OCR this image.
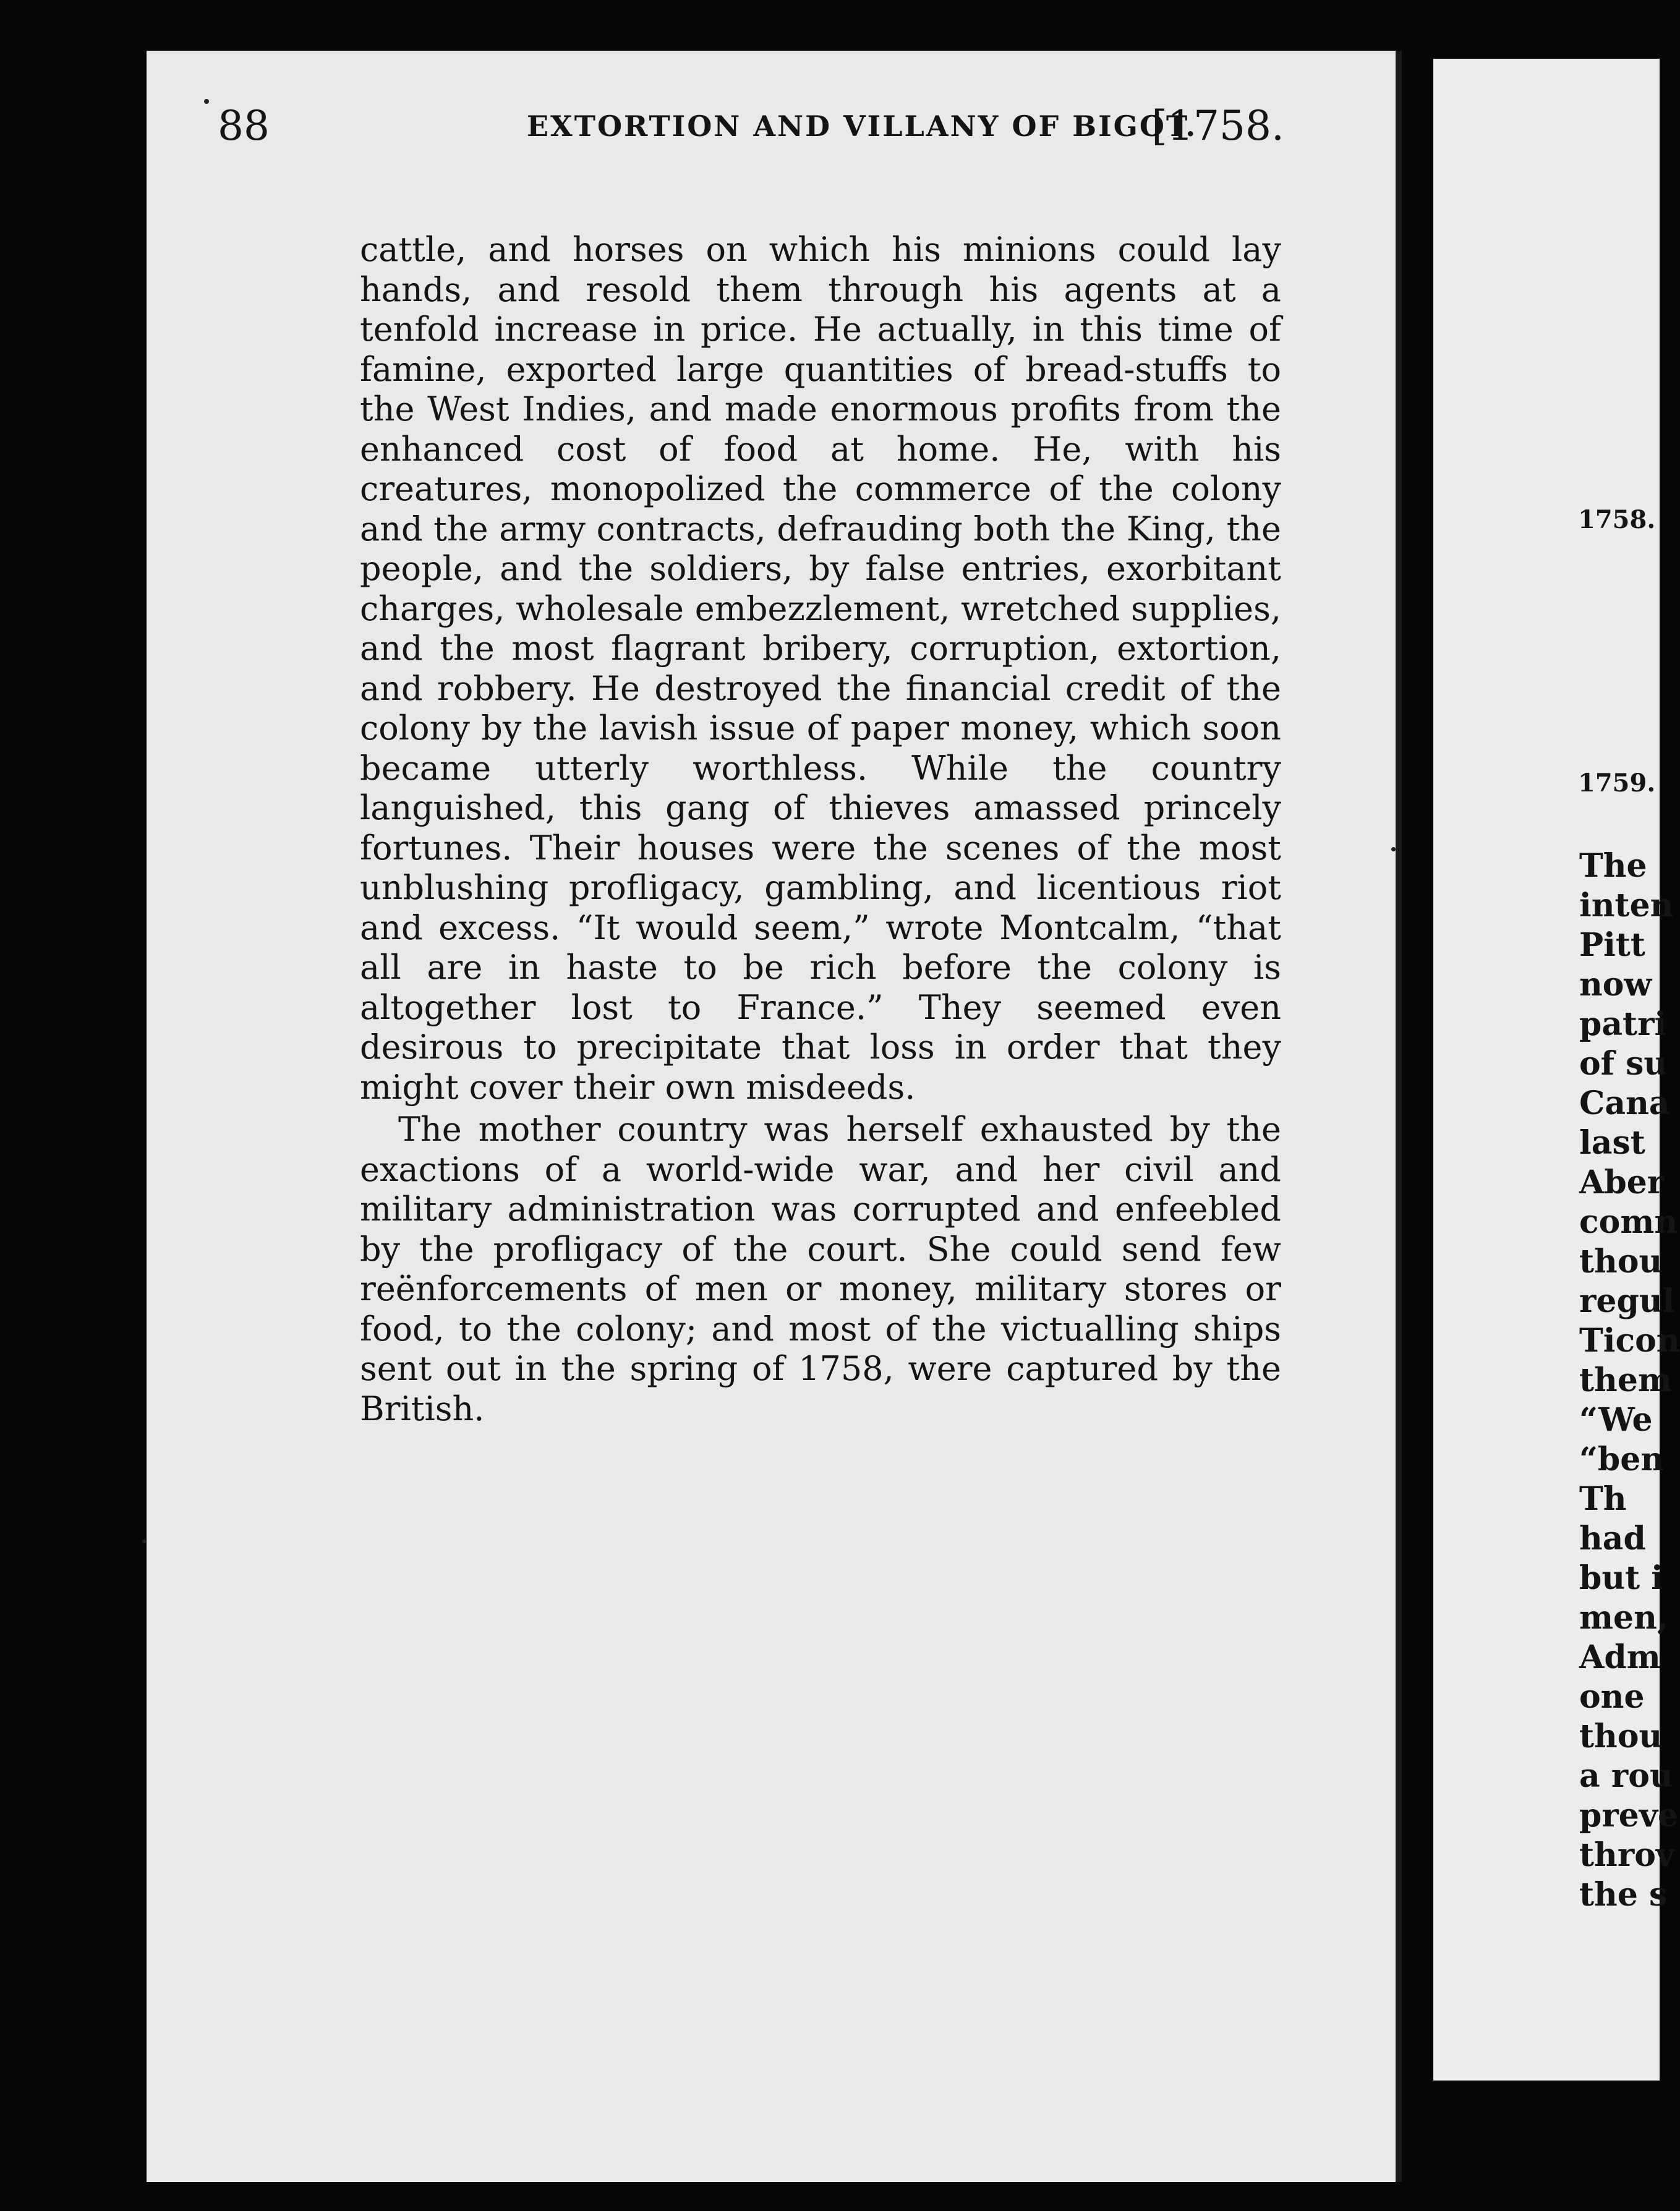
88	EXTORTION AND VILLANY OF BIGOT.
[1758.

cattle, and horses on which his minions could lay hands, and resold them through his agents at a tenfold increase in price. He actually, in this time of famine, exported large quantities of bread-stuffs to the West Indies, and made enormous profits from the enhanced cost of food at home. He, with his creatures, monopolized the commerce of the colony and the army contracts, defrauding both the King, the people, and the soldiers, by false entries, exorbitant charges, wholesale embezzlement, wretched supplies, and the most flagrant bribery, corruption, extortion, and robbery. He destroyed the financial credit of the colony by the lavish issue of paper money, which soon became utterly worthless. While the country languished, this gang of thieves amassed princely fortunes. Their houses were the scenes of the most unblushing profligacy, gambling, and licentious riot and excess. “It would seem,” wrote Montcalm, “that all are in haste to be rich before the colony is altogether lost to France.” They seemed even desirous to precipitate that loss in order that they might cover their own misdeeds.

The mother country was herself exhausted by the exactions of a world-wide war, and her civil and military administration was corrupted and enfeebled by the profligacy of the court. She could send few reënforcements of men or money, military stores or food, to the colony; and most of the victualling ships sent out in the spring of 1758, were captured by the British.

1758.
1759.
The
inten
Pitt
now
patri
of su
Cana
last
Aber
comn
thou
regul
Ticon
them
“We
“ben
Th
had
but i
men,
Adm
one
thou
a rou
preve
throv
the s
